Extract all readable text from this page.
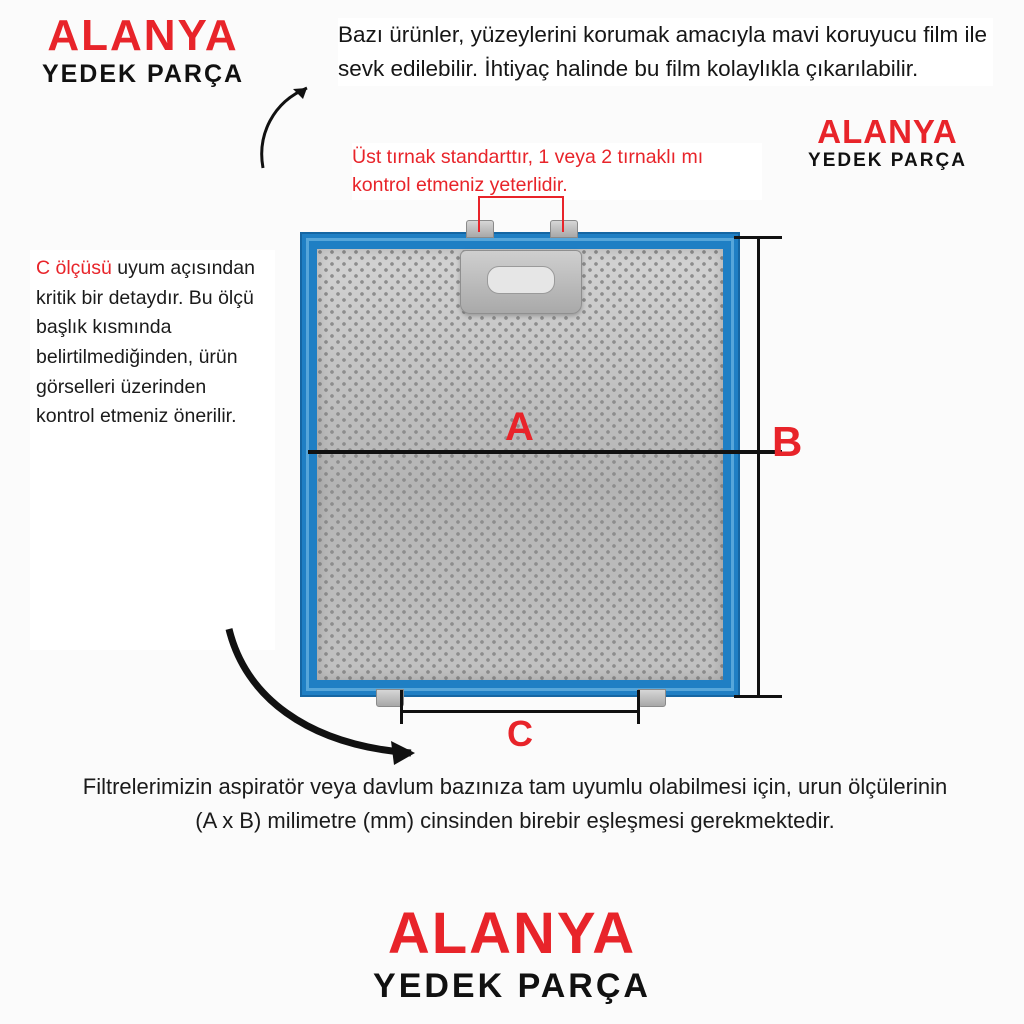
ALANYA
YEDEK PARÇA
ALANYA
YEDEK PARÇA
Bazı ürünler, yüzeylerini korumak amacıyla mavi koruyucu film ile sevk edilebilir. İhtiyaç halinde bu film kolaylıkla çıkarılabilir.
Üst tırnak standarttır, 1 veya 2 tırnaklı mı kontrol etmeniz yeterlidir.
C ölçüsü uyum açısından kritik bir detaydır. Bu ölçü başlık kısmında belirtilmediğinden, ürün görselleri üzerinden kontrol etmeniz önerilir.	A	B
C
Filtrelerimizin aspiratör veya davlum bazınıza tam uyumlu olabilmesi için, urun ölçülerinin (A x B) milimetre (mm) cinsinden birebir eşleşmesi gerekmektedir.
ALANYA
YEDEK PARÇA
